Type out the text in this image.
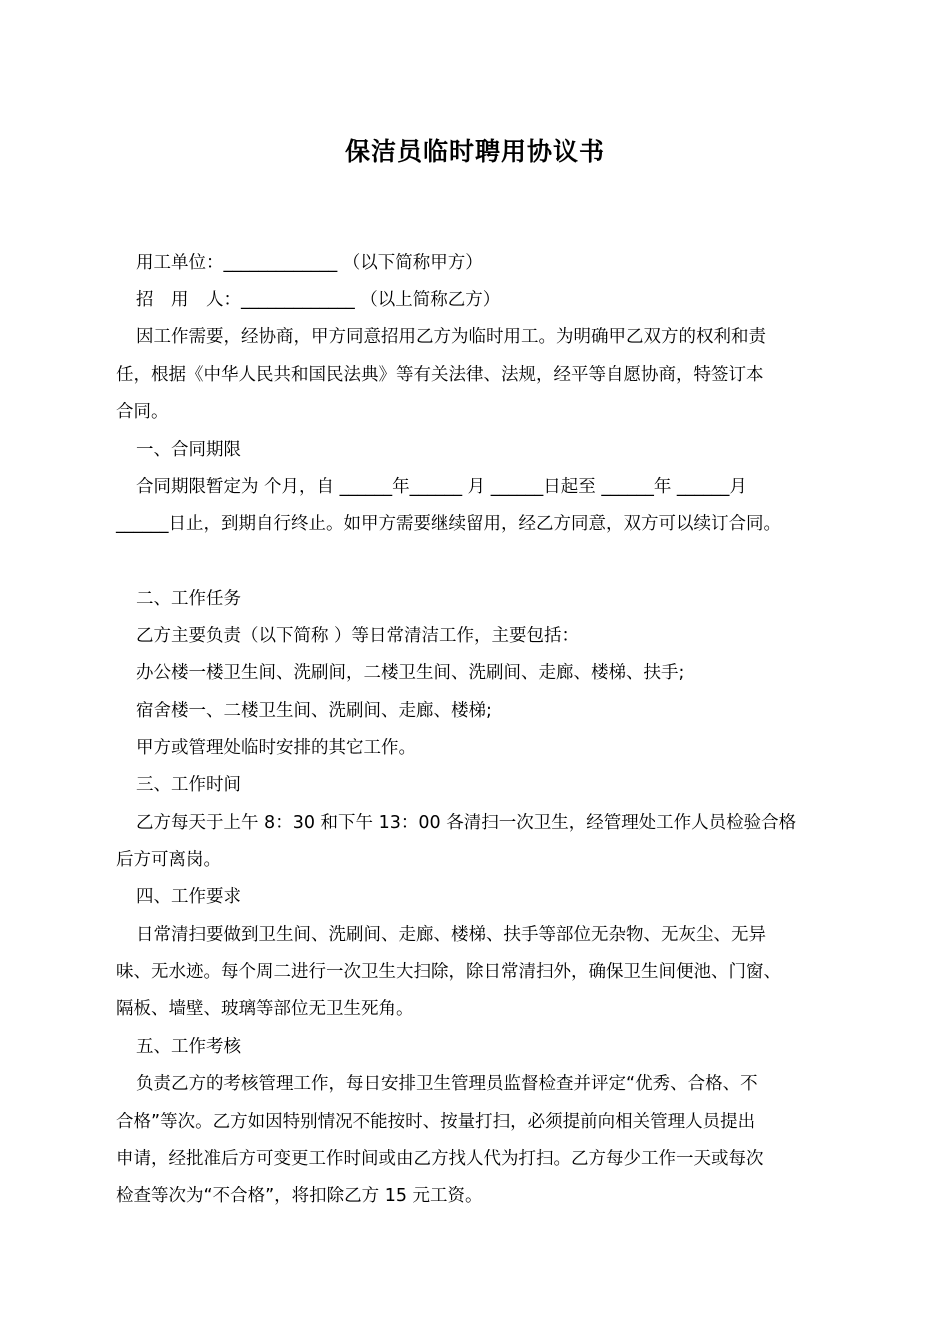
保洁员临时聘用协议书
用工单位：_____________ （以下简称甲方）
招　用　人：_____________ （以上简称乙方）
因工作需要，经协商，甲方同意招用乙方为临时用工。为明确甲乙双方的权利和责
任，根据《中华人民共和国民法典》等有关法律、法规，经平等自愿协商，特签订本
合同。
一、合同期限
合同期限暂定为 个月，自 ______年______ 月 ______日起至 ______年 ______月
______日止，到期自行终止。如甲方需要继续留用，经乙方同意，双方可以续订合同。
二、工作任务
乙方主要负责（以下简称 ）等日常清洁工作，主要包括：
办公楼一楼卫生间、洗刷间，二楼卫生间、洗刷间、走廊、楼梯、扶手;
宿舍楼一、二楼卫生间、洗刷间、走廊、楼梯;
甲方或管理处临时安排的其它工作。
三、工作时间
乙方每天于上午 8：30 和下午 13：00 各清扫一次卫生，经管理处工作人员检验合格
后方可离岗。
四、工作要求
日常清扫要做到卫生间、洗刷间、走廊、楼梯、扶手等部位无杂物、无灰尘、无异
味、无水迹。每个周二进行一次卫生大扫除，除日常清扫外，确保卫生间便池、门窗、
隔板、墙壁、玻璃等部位无卫生死角。
五、工作考核
负责乙方的考核管理工作，每日安排卫生管理员监督检查并评定“优秀、合格、不
合格”等次。乙方如因特别情况不能按时、按量打扫，必须提前向相关管理人员提出
申请，经批准后方可变更工作时间或由乙方找人代为打扫。乙方每少工作一天或每次
检查等次为“不合格”，将扣除乙方 15 元工资。
